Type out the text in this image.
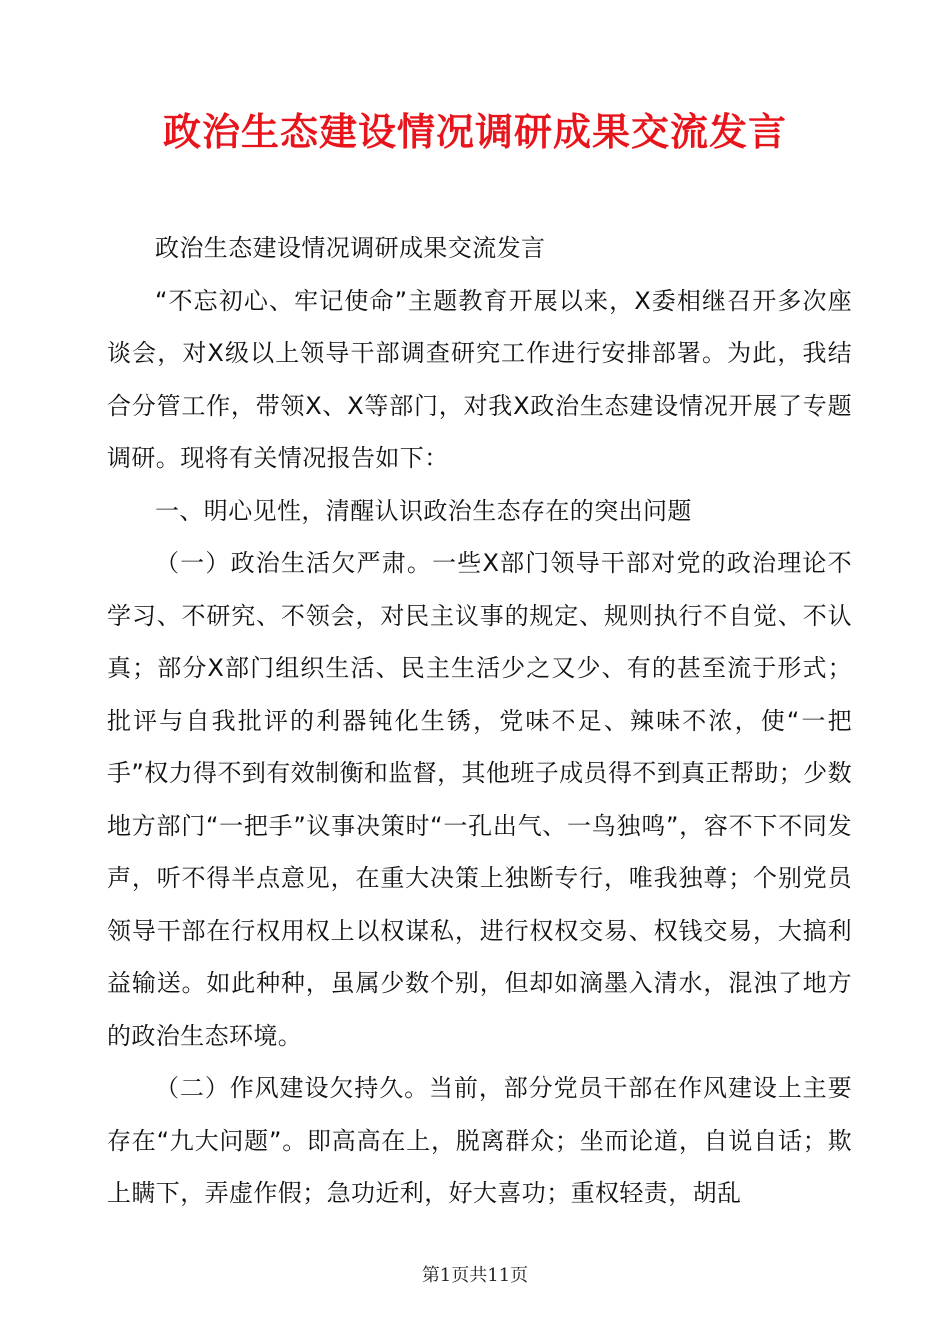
政治生态建设情况调研成果交流发言

政治生态建设情况调研成果交流发言

“不忘初心、牢记使命”主题教育开展以来，X委相继召开多次座谈会，对X级以上领导干部调查研究工作进行安排部署。为此，我结合分管工作，带领X、X等部门，对我X政治生态建设情况开展了专题调研。现将有关情况报告如下：

一、明心见性，清醒认识政治生态存在的突出问题

（一）政治生活欠严肃。一些X部门领导干部对党的政治理论不学习、不研究、不领会，对民主议事的规定、规则执行不自觉、不认真；部分X部门组织生活、民主生活少之又少、有的甚至流于形式；批评与自我批评的利器钝化生锈，党味不足、辣味不浓，使“一把手”权力得不到有效制衡和监督，其他班子成员得不到真正帮助；少数地方部门“一把手”议事决策时“一孔出气、一鸟独鸣”，容不下不同发声，听不得半点意见，在重大决策上独断专行，唯我独尊；个别党员领导干部在行权用权上以权谋私，进行权权交易、权钱交易，大搞利益输送。如此种种，虽属少数个别，但却如滴墨入清水，混浊了地方的政治生态环境。

（二）作风建设欠持久。当前，部分党员干部在作风建设上主要存在“九大问题”。即高高在上，脱离群众；坐而论道，自说自话；欺上瞒下，弄虚作假；急功近利，好大喜功；重权轻责，胡乱

第1页共11页
